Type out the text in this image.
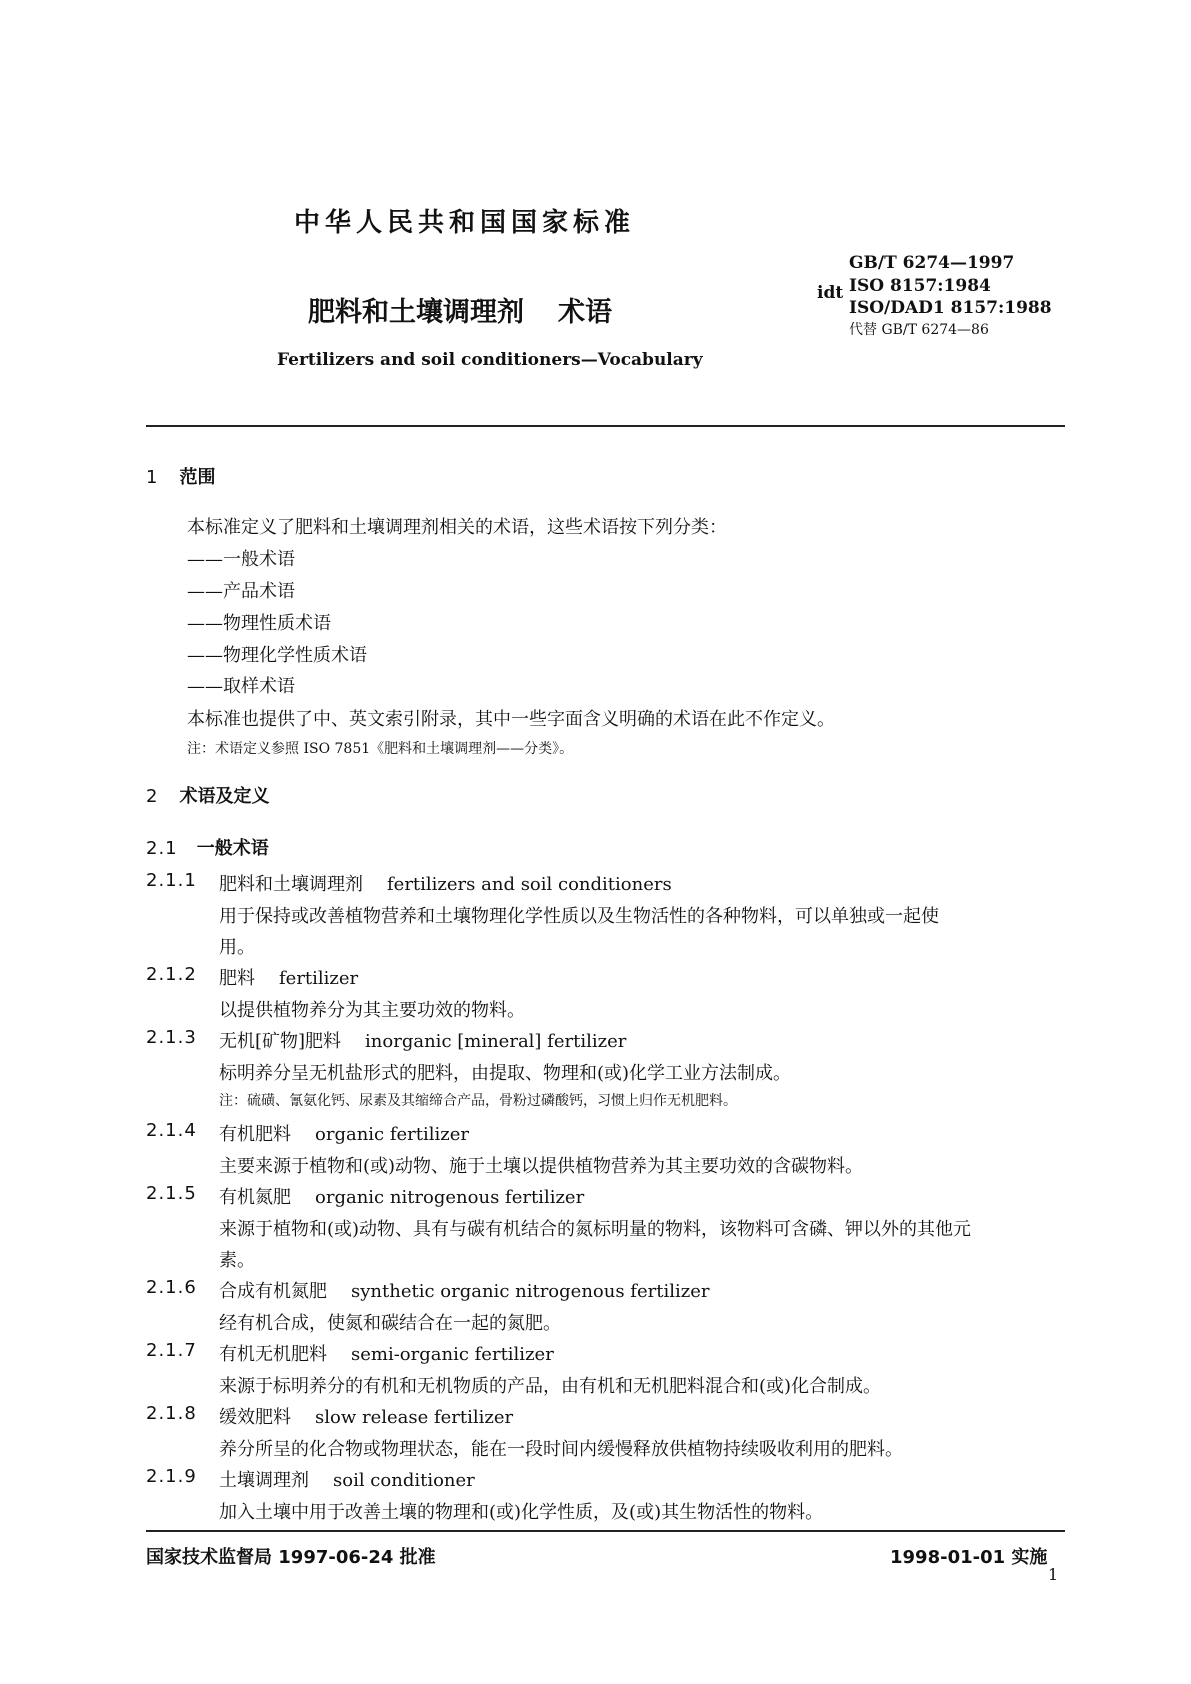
中华人民共和国国家标准
肥料和土壤调理剂 术语
Fertilizers and soil conditioners—Vocabulary
idt
GB/T 6274—1997
ISO 8157:1984
ISO/DAD1 8157:1988
代替 GB/T 6274—86
1 范围
本标准定义了肥料和土壤调理剂相关的术语，这些术语按下列分类：
——一般术语
——产品术语
——物理性质术语
——物理化学性质术语
——取样术语
本标准也提供了中、英文索引附录，其中一些字面含义明确的术语在此不作定义。
注：术语定义参照 ISO 7851《肥料和土壤调理剂——分类》。
2 术语及定义
2.1 一般术语
2.1.1 肥料和土壤调理剂 fertilizers and soil conditioners
用于保持或改善植物营养和土壤物理化学性质以及生物活性的各种物料，可以单独或一起使
用。
2.1.2 肥料 fertilizer
以提供植物养分为其主要功效的物料。
2.1.3 无机[矿物]肥料 inorganic [mineral] fertilizer
标明养分呈无机盐形式的肥料，由提取、物理和(或)化学工业方法制成。
注：硫磺、氰氨化钙、尿素及其缩缔合产品，骨粉过磷酸钙，习惯上归作无机肥料。
2.1.4 有机肥料 organic fertilizer
主要来源于植物和(或)动物、施于土壤以提供植物营养为其主要功效的含碳物料。
2.1.5 有机氮肥 organic nitrogenous fertilizer
来源于植物和(或)动物、具有与碳有机结合的氮标明量的物料，该物料可含磷、钾以外的其他元
素。
2.1.6 合成有机氮肥 synthetic organic nitrogenous fertilizer
经有机合成，使氮和碳结合在一起的氮肥。
2.1.7 有机无机肥料 semi-organic fertilizer
来源于标明养分的有机和无机物质的产品，由有机和无机肥料混合和(或)化合制成。
2.1.8 缓效肥料 slow release fertilizer
养分所呈的化合物或物理状态，能在一段时间内缓慢释放供植物持续吸收利用的肥料。
2.1.9 土壤调理剂 soil conditioner
加入土壤中用于改善土壤的物理和(或)化学性质，及(或)其生物活性的物料。
国家技术监督局 1997-06-24 批准	1998-01-01 实施
1
